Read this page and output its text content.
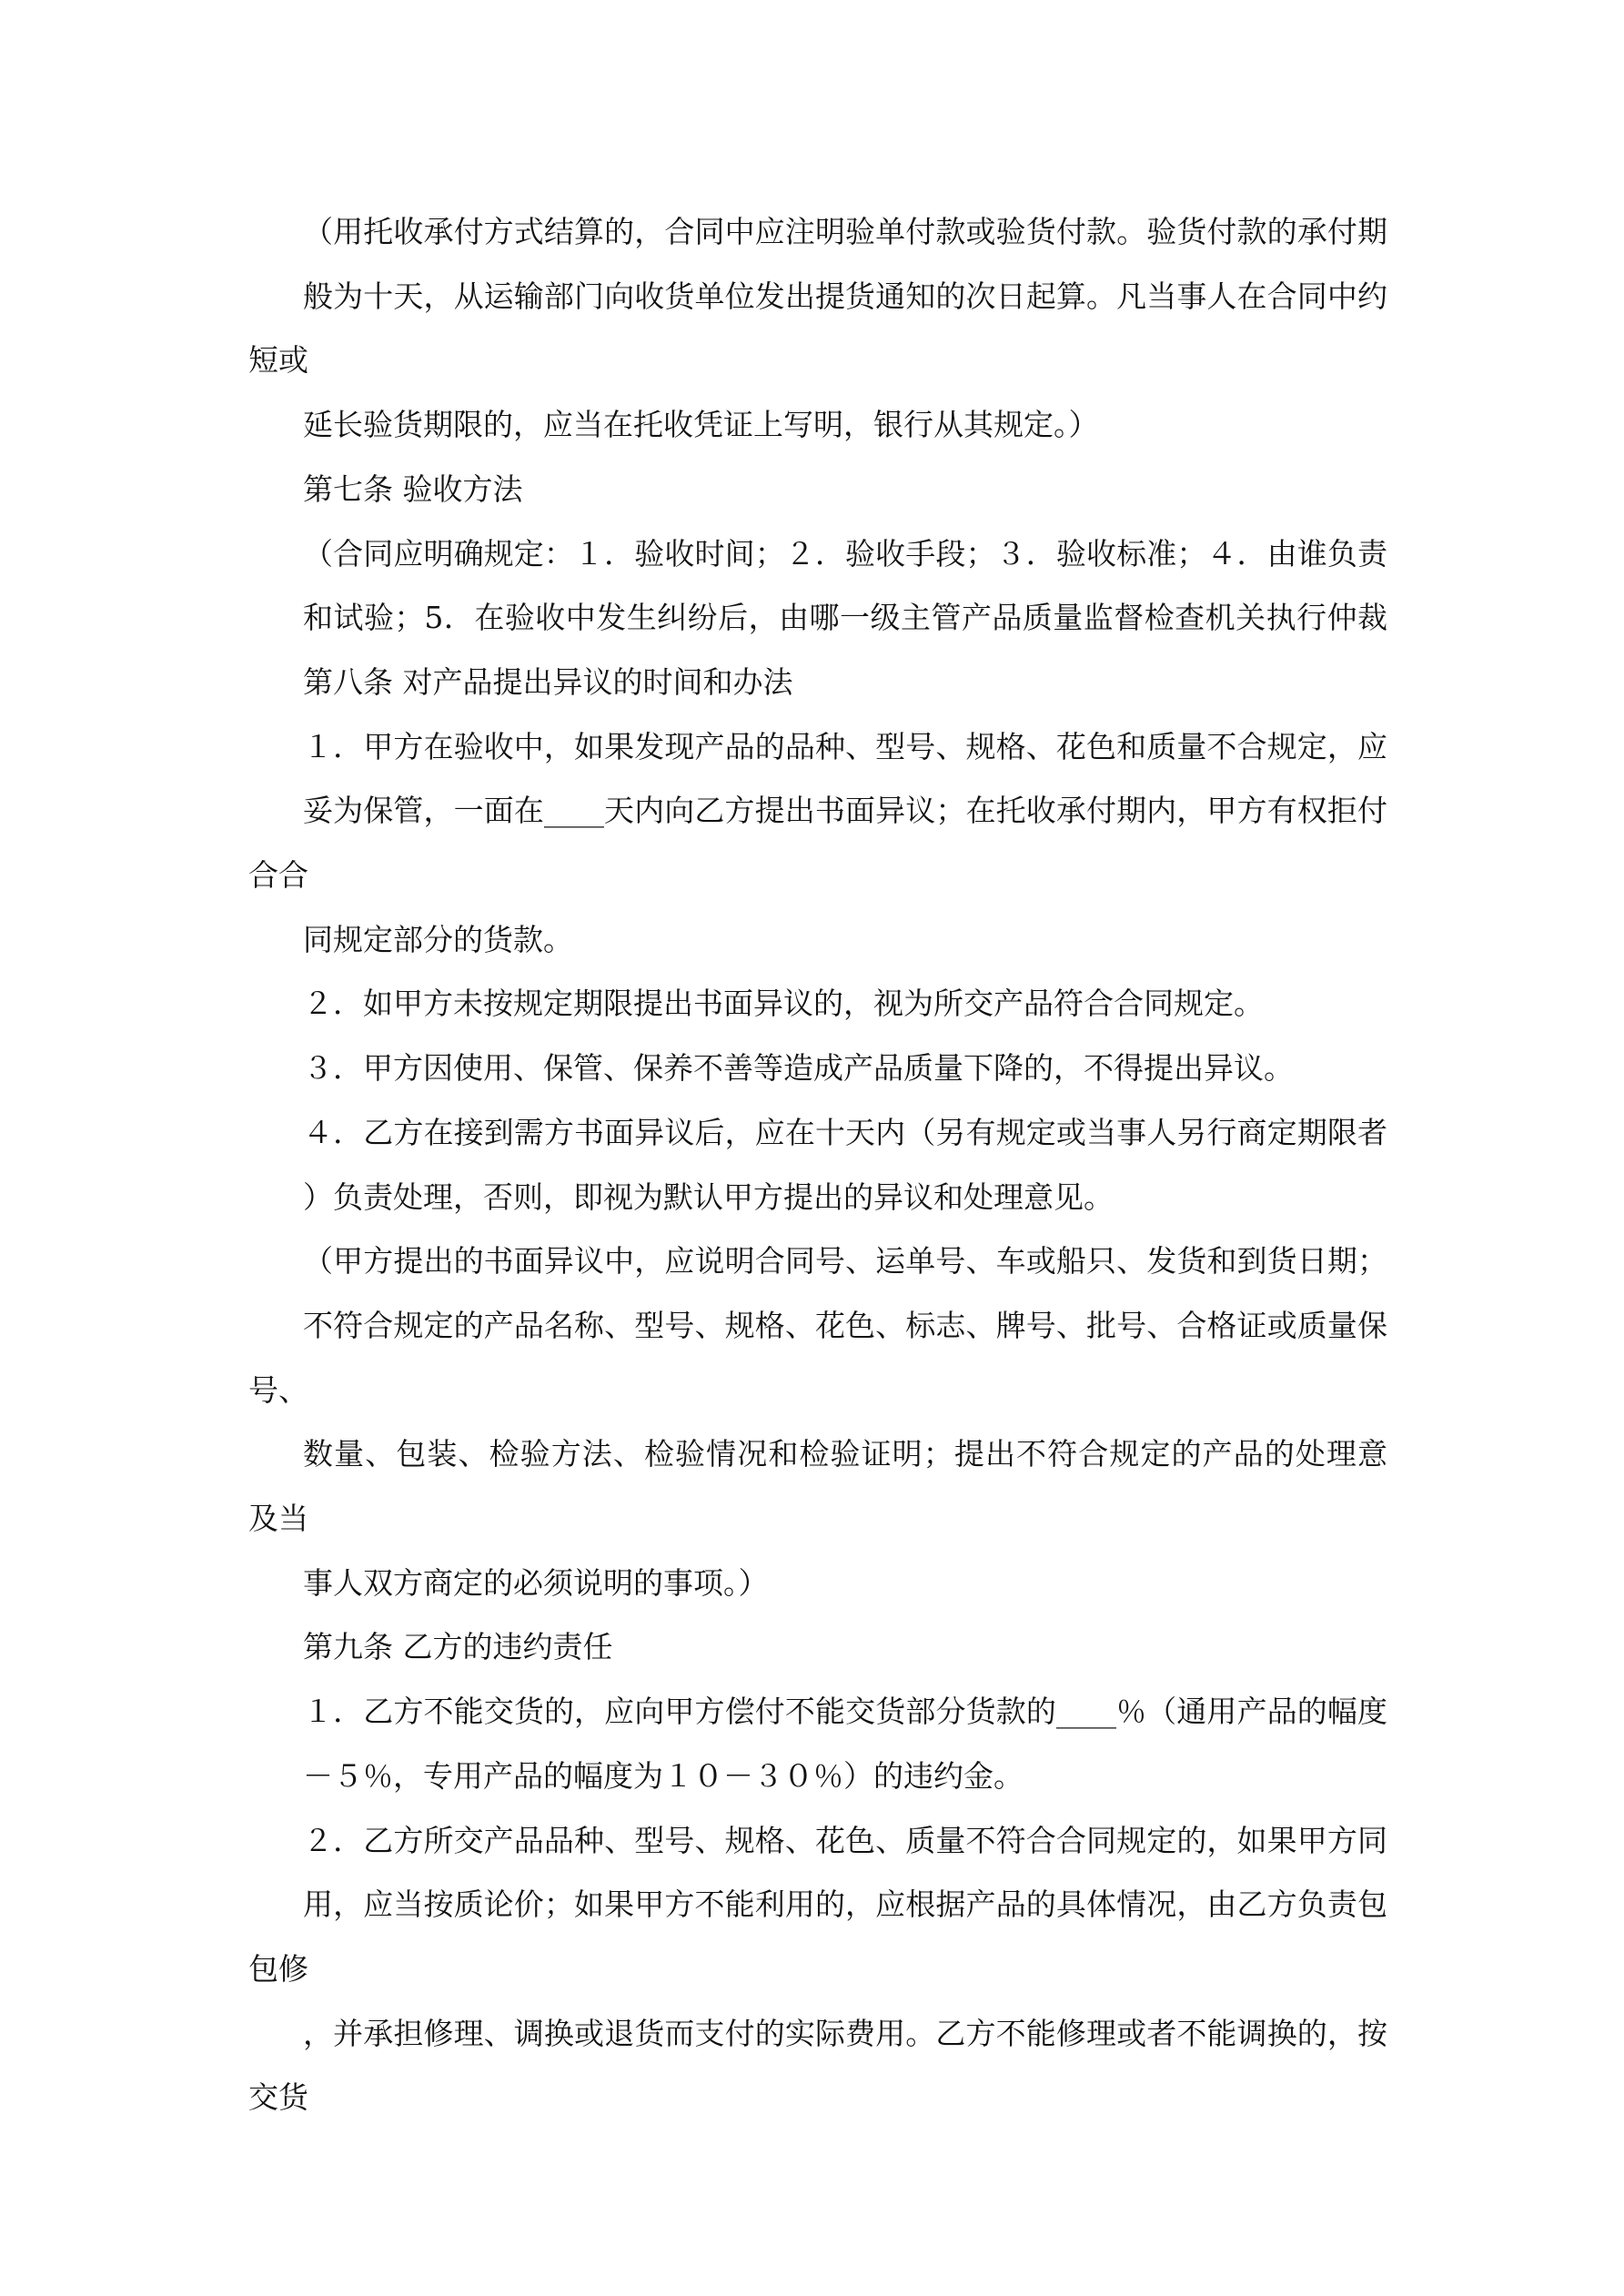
（用托收承付方式结算的，合同中应注明验单付款或验货付款。验货付款的承付期
般为十天，从运输部门向收货单位发出提货通知的次日起算。凡当事人在合同中约
短或
延长验货期限的，应当在托收凭证上写明，银行从其规定。）
第七条 验收方法
（合同应明确规定：１．验收时间；２．验收手段；３．验收标准；４．由谁负责
和试验；5．在验收中发生纠纷后，由哪一级主管产品质量监督检查机关执行仲裁
第八条 对产品提出异议的时间和办法
１．甲方在验收中，如果发现产品的品种、型号、规格、花色和质量不合规定，应
妥为保管，一面在____天内向乙方提出书面异议；在托收承付期内，甲方有权拒付
合合
同规定部分的货款。
２．如甲方未按规定期限提出书面异议的，视为所交产品符合合同规定。
３．甲方因使用、保管、保养不善等造成产品质量下降的，不得提出异议。
４．乙方在接到需方书面异议后，应在十天内（另有规定或当事人另行商定期限者
）负责处理，否则，即视为默认甲方提出的异议和处理意见。
（甲方提出的书面异议中，应说明合同号、运单号、车或船只、发货和到货日期；
不符合规定的产品名称、型号、规格、花色、标志、牌号、批号、合格证或质量保
号、
数量、包装、检验方法、检验情况和检验证明；提出不符合规定的产品的处理意
及当
事人双方商定的必须说明的事项。）
第九条 乙方的违约责任
１．乙方不能交货的，应向甲方偿付不能交货部分货款的____％（通用产品的幅度
－５％，专用产品的幅度为１０－３０％）的违约金。
２．乙方所交产品品种、型号、规格、花色、质量不符合合同规定的，如果甲方同
用，应当按质论价；如果甲方不能利用的，应根据产品的具体情况，由乙方负责包
包修
，并承担修理、调换或退货而支付的实际费用。乙方不能修理或者不能调换的，按
交货
